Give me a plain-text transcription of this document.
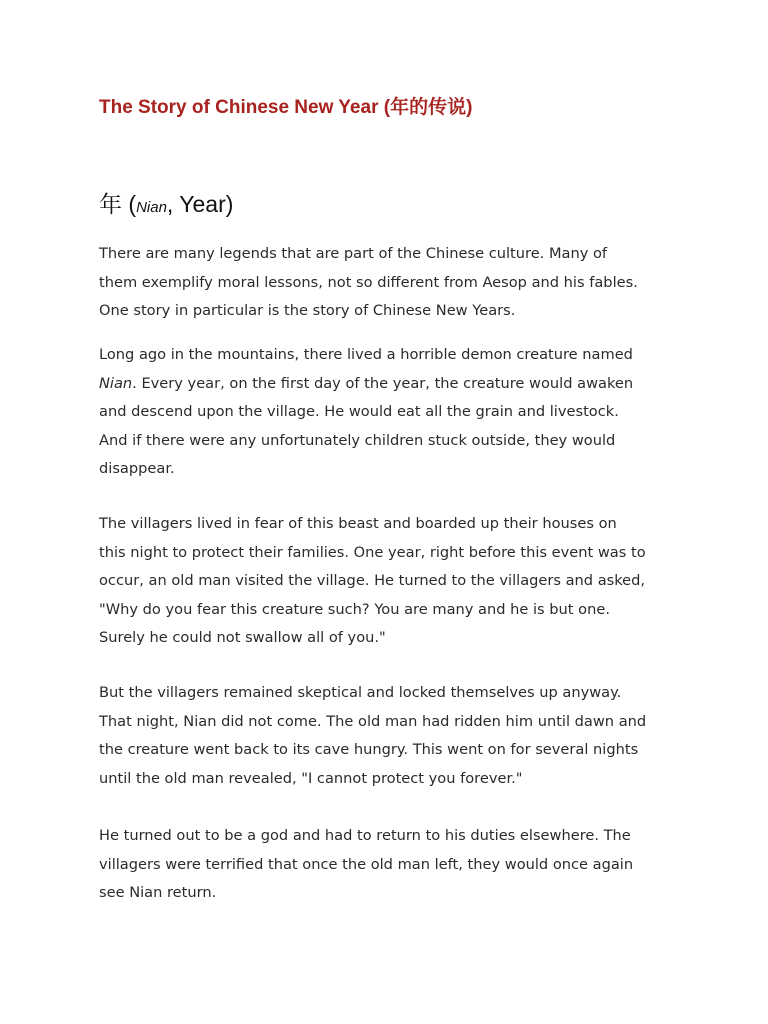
The Story of Chinese New Year (年的传说)
年 (Nian, Year)

There are many legends that are part of the Chinese culture. Many of
them exemplify moral lessons, not so different from Aesop and his fables.
One story in particular is the story of Chinese New Years.

Long ago in the mountains, there lived a horrible demon creature named
Nian. Every year, on the first day of the year, the creature would awaken
and descend upon the village. He would eat all the grain and livestock.
And if there were any unfortunately children stuck outside, they would
disappear.

The villagers lived in fear of this beast and boarded up their houses on
this night to protect their families. One year, right before this event was to
occur, an old man visited the village. He turned to the villagers and asked,
"Why do you fear this creature such? You are many and he is but one.
Surely he could not swallow all of you."

But the villagers remained skeptical and locked themselves up anyway.
That night, Nian did not come. The old man had ridden him until dawn and
the creature went back to its cave hungry. This went on for several nights
until the old man revealed, "I cannot protect you forever."

He turned out to be a god and had to return to his duties elsewhere. The
villagers were terrified that once the old man left, they would once again
see Nian return.
